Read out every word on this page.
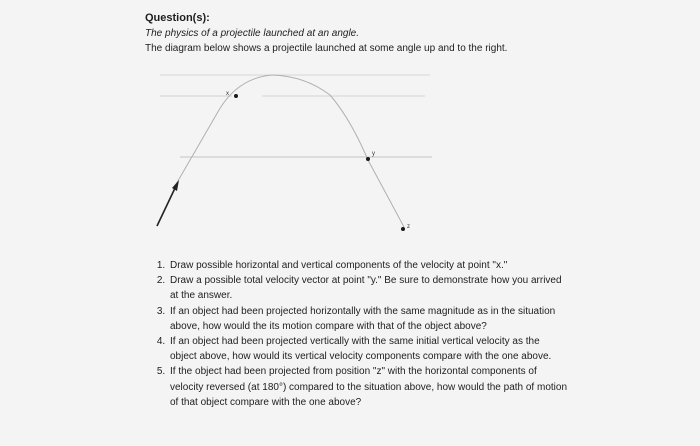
Question(s):
The physics of a projectile launched at an angle.
The diagram below shows a projectile launched at some angle up and to the right.
x
y
z
1. Draw possible horizontal and vertical components of the velocity at point "x."
2. Draw a possible total velocity vector at point "y." Be sure to demonstrate how you arrived at the answer.
3. If an object had been projected horizontally with the same magnitude as in the situation above, how would the its motion compare with that of the object above?
4. If an object had been projected vertically with the same initial vertical velocity as the object above, how would its vertical velocity components compare with the one above.
5. If the object had been projected from position "z" with the horizontal components of velocity reversed (at 180°) compared to the situation above, how would the path of motion of that object compare with the one above?
